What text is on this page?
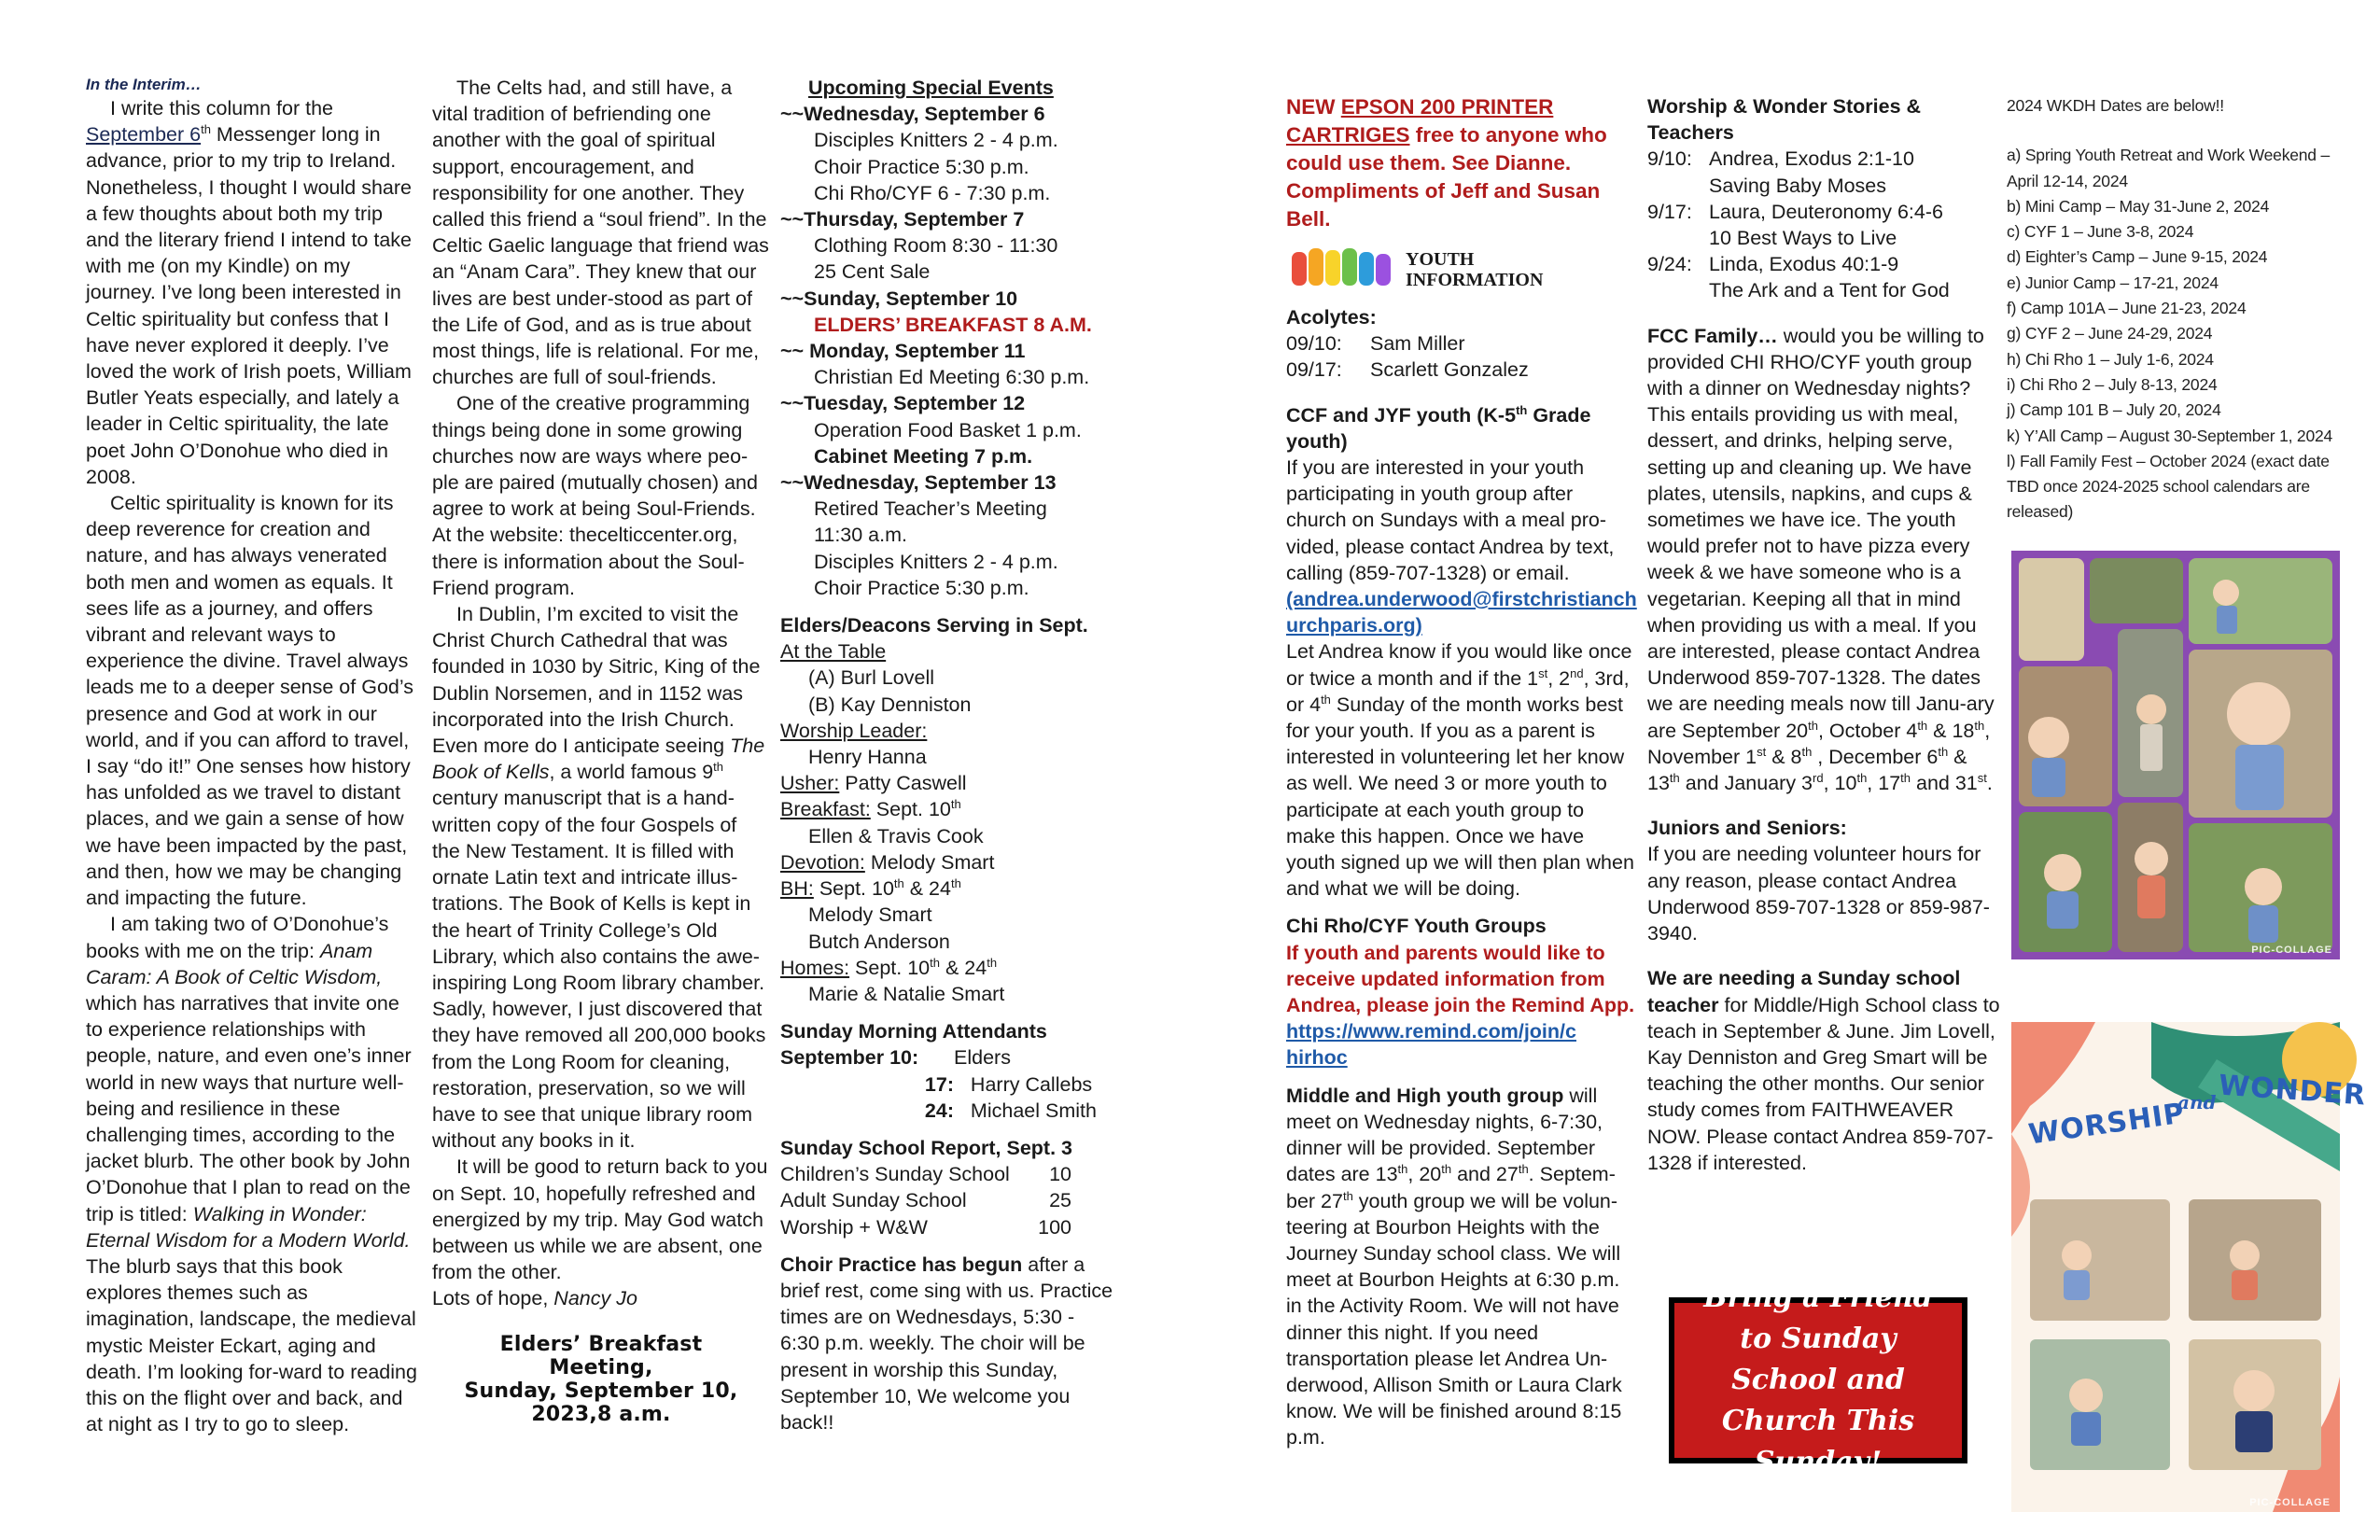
In the Interim…

I write this column for the September 6th Messenger long in advance, prior to my trip to Ireland. Nonetheless, I thought I would share a few thoughts about both my trip and the literary friend I intend to take with me (on my Kindle) on my journey. I’ve long been interested in Celtic spirituality but confess that I have never explored it deeply. I’ve loved the work of Irish poets, William Butler Yeats especially, and lately a leader in Celtic spirituality, the late poet John O’Donohue who died in 2008.

Celtic spirituality is known for its deep reverence for creation and nature, and has always venerated both men and women as equals. It sees life as a journey, and offers vibrant and relevant ways to experience the divine. Travel always leads me to a deeper sense of God’s presence and God at work in our world, and if you can afford to travel, I say “do it!” One senses how history has unfolded as we travel to distant places, and we gain a sense of how we have been impacted by the past, and then, how we may be changing and impacting the future.

I am taking two of O’Donohue’s books with me on the trip: Anam Caram: A Book of Celtic Wisdom, which has narratives that invite one to experience relationships with people, nature, and even one’s inner world in new ways that nurture well-being and resilience in these challenging times, according to the jacket blurb. The other book by John O’Donohue that I plan to read on the trip is titled: Walking in Wonder: Eternal Wisdom for a Modern World. The blurb says that this book explores themes such as imagination, landscape, the medieval mystic Meister Eckart, aging and death. I’m looking for-ward to reading this on the flight over and back, and at night as I try to go to sleep.

The Celts had, and still have, a vital tradition of befriending one another with the goal of spiritual support, encouragement, and responsibility for one another. They called this friend a “soul friend”. In the Celtic Gaelic language that friend was an “Anam Cara”. They knew that our lives are best under-stood as part of the Life of God, and as is true about most things, life is relational. For me, churches are full of soul-friends.

One of the creative programming things being done in some growing churches now are ways where peo-ple are paired (mutually chosen) and agree to work at being Soul-Friends. At the website: thecelticcenter.org, there is information about the Soul-Friend program.

In Dublin, I’m excited to visit the Christ Church Cathedral that was founded in 1030 by Sitric, King of the Dublin Norsemen, and in 1152 was incorporated into the Irish Church. Even more do I anticipate seeing The Book of Kells, a world famous 9th century manuscript that is a hand-written copy of the four Gospels of the New Testament. It is filled with ornate Latin text and intricate illus-trations. The Book of Kells is kept in the heart of Trinity College’s Old Library, which also contains the awe-inspiring Long Room library chamber. Sadly, however, I just discovered that they have removed all 200,000 books from the Long Room for cleaning, restoration, preservation, so we will have to see that unique library room without any books in it.

It will be good to return back to you on Sept. 10, hopefully refreshed and energized by my trip. May God watch between us while we are absent, one from the other.

Lots of hope, Nancy Jo

Elders’ Breakfast
Meeting,
Sunday, September 10,
2023,8 a.m.

Upcoming Special Events

~~Wednesday, September 6

Disciples Knitters 2 - 4 p.m.

Choir Practice 5:30 p.m.

Chi Rho/CYF 6 - 7:30 p.m.

~~Thursday, September 7

Clothing Room 8:30 - 11:30

25 Cent Sale

~~Sunday, September 10

ELDERS’ BREAKFAST 8 A.M.

~~ Monday, September 11

Christian Ed Meeting 6:30 p.m.

~~Tuesday, September 12

Operation Food Basket 1 p.m.

Cabinet Meeting 7 p.m.

~~Wednesday, September 13

Retired Teacher’s Meeting

11:30 a.m.

Disciples Knitters 2 - 4 p.m.

Choir Practice 5:30 p.m.

Elders/Deacons Serving in Sept.

At the Table

(A) Burl Lovell

(B) Kay Denniston

Worship Leader:

Henry Hanna

Usher: Patty Caswell

Breakfast: Sept. 10th

Ellen & Travis Cook

Devotion: Melody Smart

BH: Sept. 10th & 24th

Melody Smart

Butch Anderson

Homes: Sept. 10th & 24th

Marie & Natalie Smart

Sunday Morning Attendants

September 10: Elders

17: Harry Callebs

24: Michael Smith

Sunday School Report, Sept. 3

Children’s Sunday School	10
Adult Sunday School	25
Worship + W&W	100

Choir Practice has begun after a brief rest, come sing with us. Practice times are on Wednesdays, 5:30 - 6:30 p.m. weekly. The choir will be present in worship this Sunday, September 10, We welcome you back!!

NEW EPSON 200 PRINTER CARTRIGES free to anyone who could use them. See Dianne. Compliments of Jeff and Susan Bell.

YOUTH
INFORMATION

Acolytes:

09/10: Sam Miller

09/17: Scarlett Gonzalez

CCF and JYF youth (K-5th Grade youth)

If you are interested in your youth participating in youth group after church on Sundays with a meal pro-vided, please contact Andrea by text, calling (859-707-1328) or email.

(andrea.underwood@firstchristianchurchparis.org)

Let Andrea know if you would like once or twice a month and if the 1st, 2nd, 3rd, or 4th Sunday of the month works best for your youth. If you as a parent is interested in volunteering let her know as well. We need 3 or more youth to participate at each youth group to make this happen. Once we have youth signed up we will then plan when and what we will be doing.

Chi Rho/CYF Youth Groups

If youth and parents would like to receive updated information from Andrea, please join the Remind App.

https://www.remind.com/join/chirhoc

Middle and High youth group will meet on Wednesday nights, 6-7:30, dinner will be provided. September dates are 13th, 20th and 27th. Septem-ber 27th youth group we will be volun-teering at Bourbon Heights with the Journey Sunday school class. We will meet at Bourbon Heights at 6:30 p.m. in the Activity Room. We will not have dinner this night. If you need transportation please let Andrea Un-derwood, Allison Smith or Laura Clark know. We will be finished around 8:15 p.m.

Worship & Wonder Stories & Teachers

9/10: Andrea, Exodus 2:1-10

Saving Baby Moses

9/17: Laura, Deuteronomy 6:4-6

10 Best Ways to Live

9/24: Linda, Exodus 40:1-9

The Ark and a Tent for God

FCC Family… would you be willing to provided CHI RHO/CYF youth group with a dinner on Wednesday nights? This entails providing us with meal, dessert, and drinks, helping serve, setting up and cleaning up. We have plates, utensils, napkins, and cups & sometimes we have ice. The youth would prefer not to have pizza every week & we have someone who is a vegetarian. Keeping all that in mind when providing us with a meal. If you are interested, please contact Andrea Underwood 859-707-1328. The dates we are needing meals now till Janu-ary are September 20th, October 4th & 18th, November 1st & 8th , December 6th & 13th and January 3rd, 10th, 17th and 31st.

Juniors and Seniors:

If you are needing volunteer hours for any reason, please contact Andrea Underwood 859-707-1328 or 859-987-3940.

We are needing a Sunday school teacher for Middle/High School class to teach in September & June. Jim Lovell, Kay Denniston and Greg Smart will be teaching the other months. Our senior study comes from FAITHWEAVER NOW. Please contact Andrea 859-707-1328 if interested.

Bring a Friend to Sunday School and Church This Sunday!

2024 WKDH Dates are below!!

a) Spring Youth Retreat and Work Weekend – April 12-14, 2024

b) Mini Camp – May 31-June 2, 2024

c) CYF 1 – June 3-8, 2024

d) Eighter’s Camp – June 9-15, 2024

e) Junior Camp – 17-21, 2024

f) Camp 101A – June 21-23, 2024

g) CYF 2 – June 24-29, 2024

h) Chi Rho 1 – July 1-6, 2024

i) Chi Rho 2 – July 8-13, 2024

j) Camp 101 B – July 20, 2024

k) Y’All Camp – August 30-September 1, 2024

l) Fall Family Fest – October 2024 (exact date TBD once 2024-2025 school calendars are released)

PIC-COLLAGE
WORSHIP
and WONDER
PIC-COLLAGE
